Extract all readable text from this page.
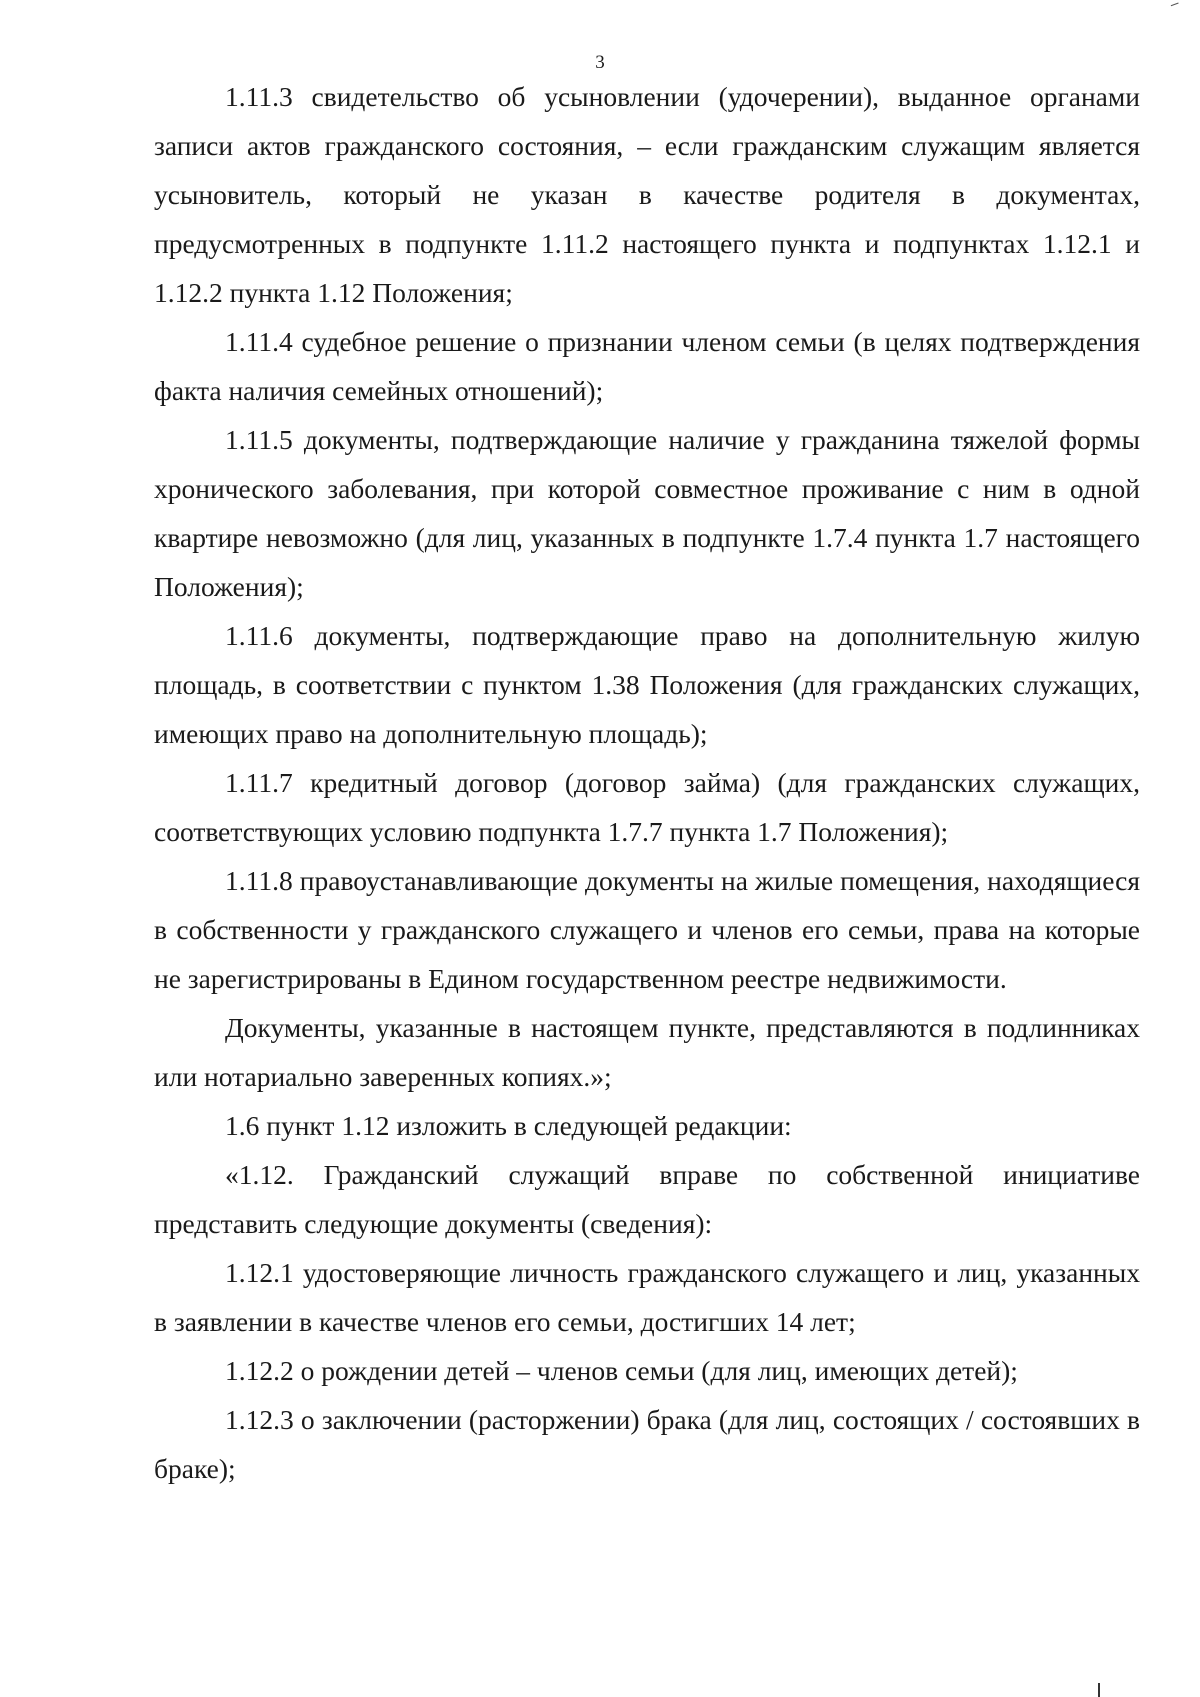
3

1.11.3 свидетельство об усыновлении (удочерении), выданное органами записи актов гражданского состояния, – если гражданским служащим является усыновитель, который не указан в качестве родителя в документах, предусмотренных в подпункте 1.11.2 настоящего пункта и подпунктах 1.12.1 и 1.12.2 пункта 1.12 Положения;

1.11.4 судебное решение о признании членом семьи (в целях подтверждения факта наличия семейных отношений);

1.11.5 документы, подтверждающие наличие у гражданина тяжелой формы хронического заболевания, при которой совместное проживание с ним в одной квартире невозможно (для лиц, указанных в подпункте 1.7.4 пункта 1.7 настоящего Положения);

1.11.6 документы, подтверждающие право на дополнительную жилую площадь, в соответствии с пунктом 1.38 Положения (для гражданских служащих, имеющих право на дополнительную площадь);

1.11.7 кредитный договор (договор займа) (для гражданских служащих, соответствующих условию подпункта 1.7.7 пункта 1.7 Положения);

1.11.8 правоустанавливающие документы на жилые помещения, находящиеся в собственности у гражданского служащего и членов его семьи, права на которые не зарегистрированы в Едином государственном реестре недвижимости.

Документы, указанные в настоящем пункте, представляются в подлинниках или нотариально заверенных копиях.»;

1.6 пункт 1.12 изложить в следующей редакции:

«1.12. Гражданский служащий вправе по собственной инициативе представить следующие документы (сведения):

1.12.1 удостоверяющие личность гражданского служащего и лиц, указанных в заявлении в качестве членов его семьи, достигших 14 лет;

1.12.2 о рождении детей – членов семьи (для лиц, имеющих детей);

1.12.3 о заключении (расторжении) брака (для лиц, состоящих / состоявших в браке);
